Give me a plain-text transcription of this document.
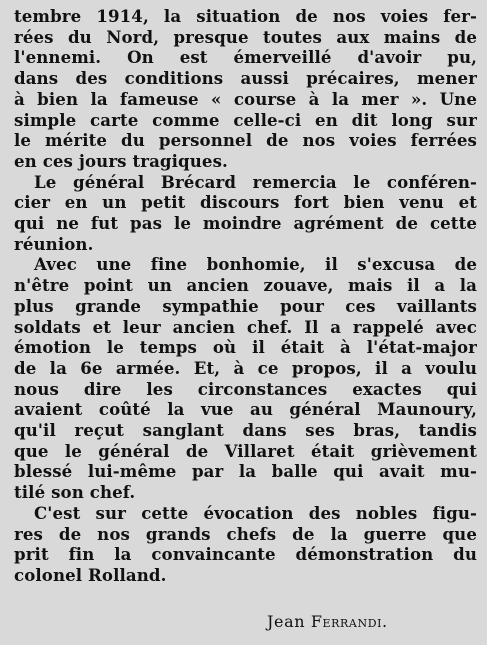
tembre 1914, la situation de nos voies fer-
rées du Nord, presque toutes aux mains de
l'ennemi. On est émerveillé d'avoir pu,
dans des conditions aussi précaires, mener
à bien la fameuse « course à la mer ». Une
simple carte comme celle-ci en dit long sur
le mérite du personnel de nos voies ferrées
en ces jours tragiques.
Le général Brécard remercia le conféren-
cier en un petit discours fort bien venu et
qui ne fut pas le moindre agrément de cette
réunion.
Avec une fine bonhomie, il s'excusa de
n'être point un ancien zouave, mais il a la
plus grande sympathie pour ces vaillants
soldats et leur ancien chef. Il a rappelé avec
émotion le temps où il était à l'état-major
de la 6e armée. Et, à ce propos, il a voulu
nous dire les circonstances exactes qui
avaient coûté la vue au général Maunoury,
qu'il reçut sanglant dans ses bras, tandis
que le général de Villaret était grièvement
blessé lui-même par la balle qui avait mu-
tilé son chef.
C'est sur cette évocation des nobles figu-
res de nos grands chefs de la guerre que
prit fin la convaincante démonstration du
colonel Rolland.
Jean Ferrandi.
